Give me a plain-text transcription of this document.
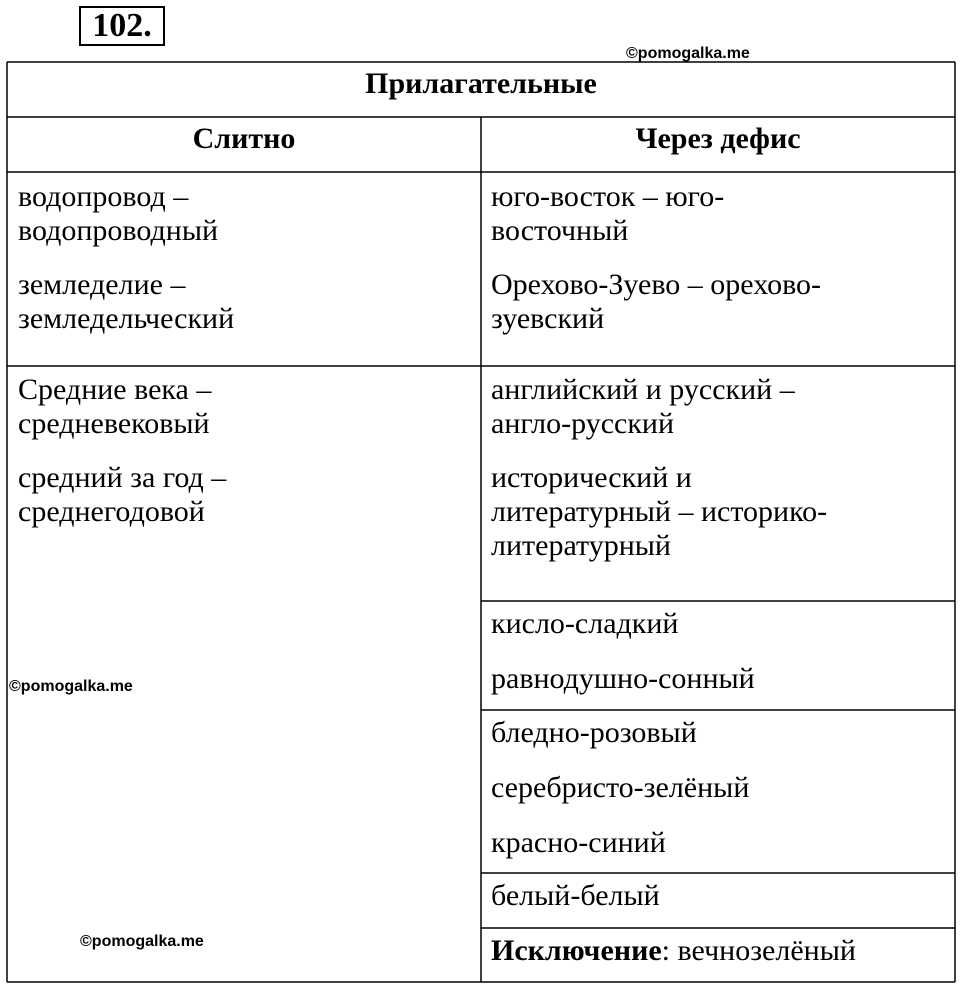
102.
©pomogalka.me
©pomogalka.me
©pomogalka.me
Прилагательные
Слитно	Через дефис
водопровод –
водопроводный
земледелие –
земледельческий
юго-восток – юго-
восточный
Орехово-Зуево – орехово-
зуевский
Средние века –
средневековый
средний за год –
среднегодовой
английский и русский –
англо-русский
исторический и
литературный – историко-
литературный
кисло-сладкий
равнодушно-сонный
бледно-розовый
серебристо-зелёный
красно-синий
белый-белый
Исключение: вечнозелёный
